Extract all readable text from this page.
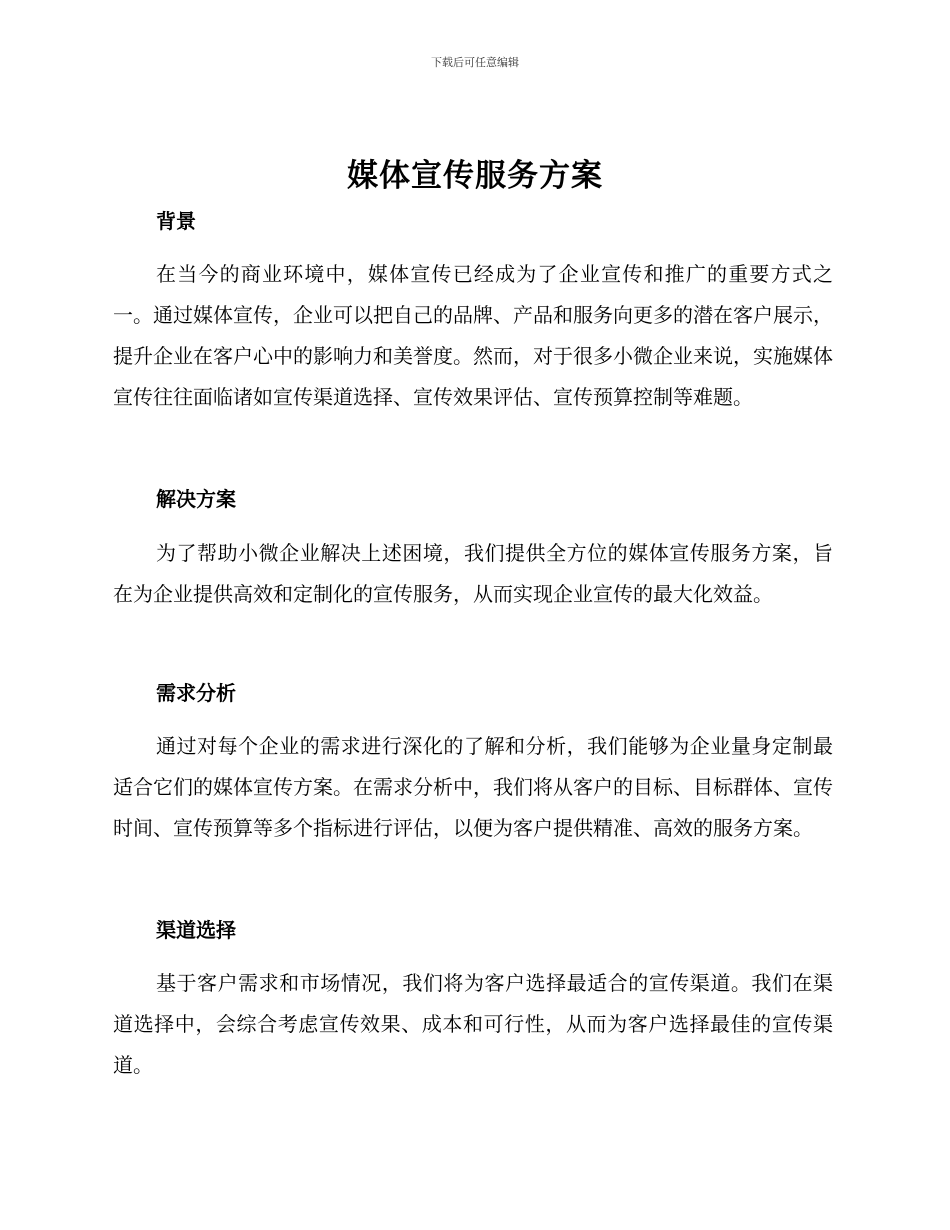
下载后可任意编辑
媒体宣传服务方案
背景

在当今的商业环境中，媒体宣传已经成为了企业宣传和推广的重要方式之一。通过媒体宣传，企业可以把自己的品牌、产品和服务向更多的潜在客户展示，提升企业在客户心中的影响力和美誉度。然而，对于很多小微企业来说，实施媒体宣传往往面临诸如宣传渠道选择、宣传效果评估、宣传预算控制等难题。

解决方案

为了帮助小微企业解决上述困境，我们提供全方位的媒体宣传服务方案，旨在为企业提供高效和定制化的宣传服务，从而实现企业宣传的最大化效益。

需求分析

通过对每个企业的需求进行深化的了解和分析，我们能够为企业量身定制最适合它们的媒体宣传方案。在需求分析中，我们将从客户的目标、目标群体、宣传时间、宣传预算等多个指标进行评估，以便为客户提供精准、高效的服务方案。

渠道选择

基于客户需求和市场情况，我们将为客户选择最适合的宣传渠道。我们在渠道选择中，会综合考虑宣传效果、成本和可行性，从而为客户选择最佳的宣传渠道。
